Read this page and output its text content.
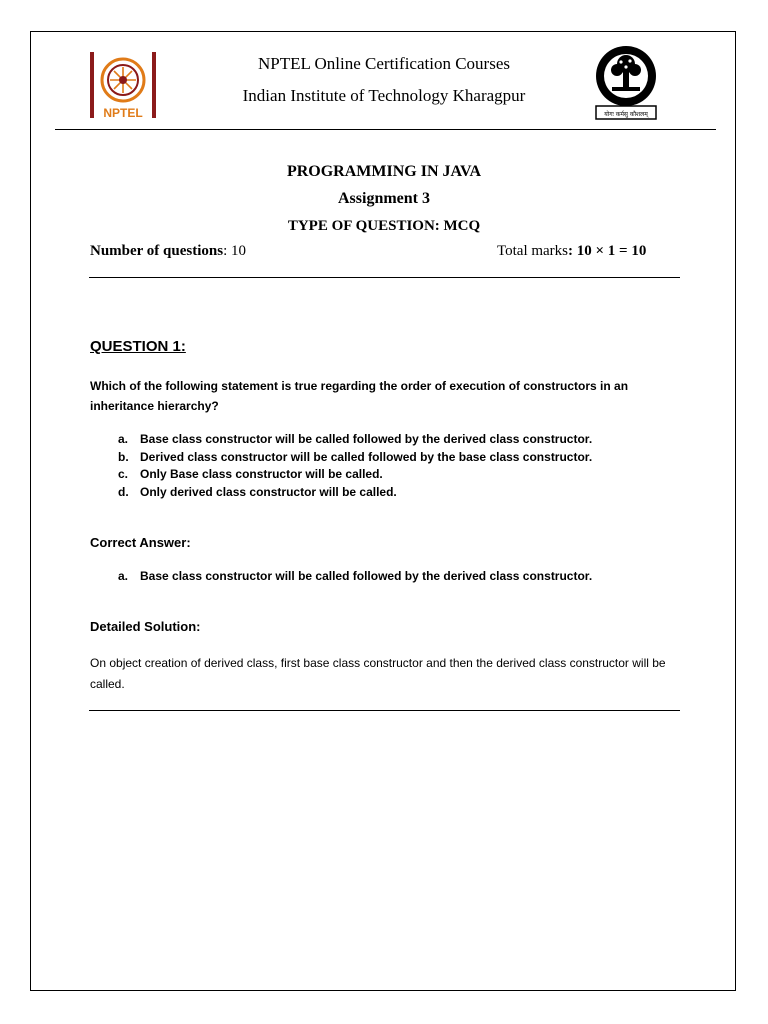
NPTEL
NPTEL Online Certification Courses
Indian Institute of Technology Kharagpur
योगः कर्मसु कौशलम्
PROGRAMMING IN JAVA
Assignment 3
TYPE OF QUESTION: MCQ
Number of questions: 10	Total marks: 10 × 1 = 10
QUESTION 1:
Which of the following statement is true regarding the order of execution of constructors in an inheritance hierarchy?
a. Base class constructor will be called followed by the derived class constructor.
b. Derived class constructor will be called followed by the base class constructor.
c. Only Base class constructor will be called.
d. Only derived class constructor will be called.
Correct Answer:
a. Base class constructor will be called followed by the derived class constructor.
Detailed Solution:
On object creation of derived class, first base class constructor and then the derived class constructor will be called.
